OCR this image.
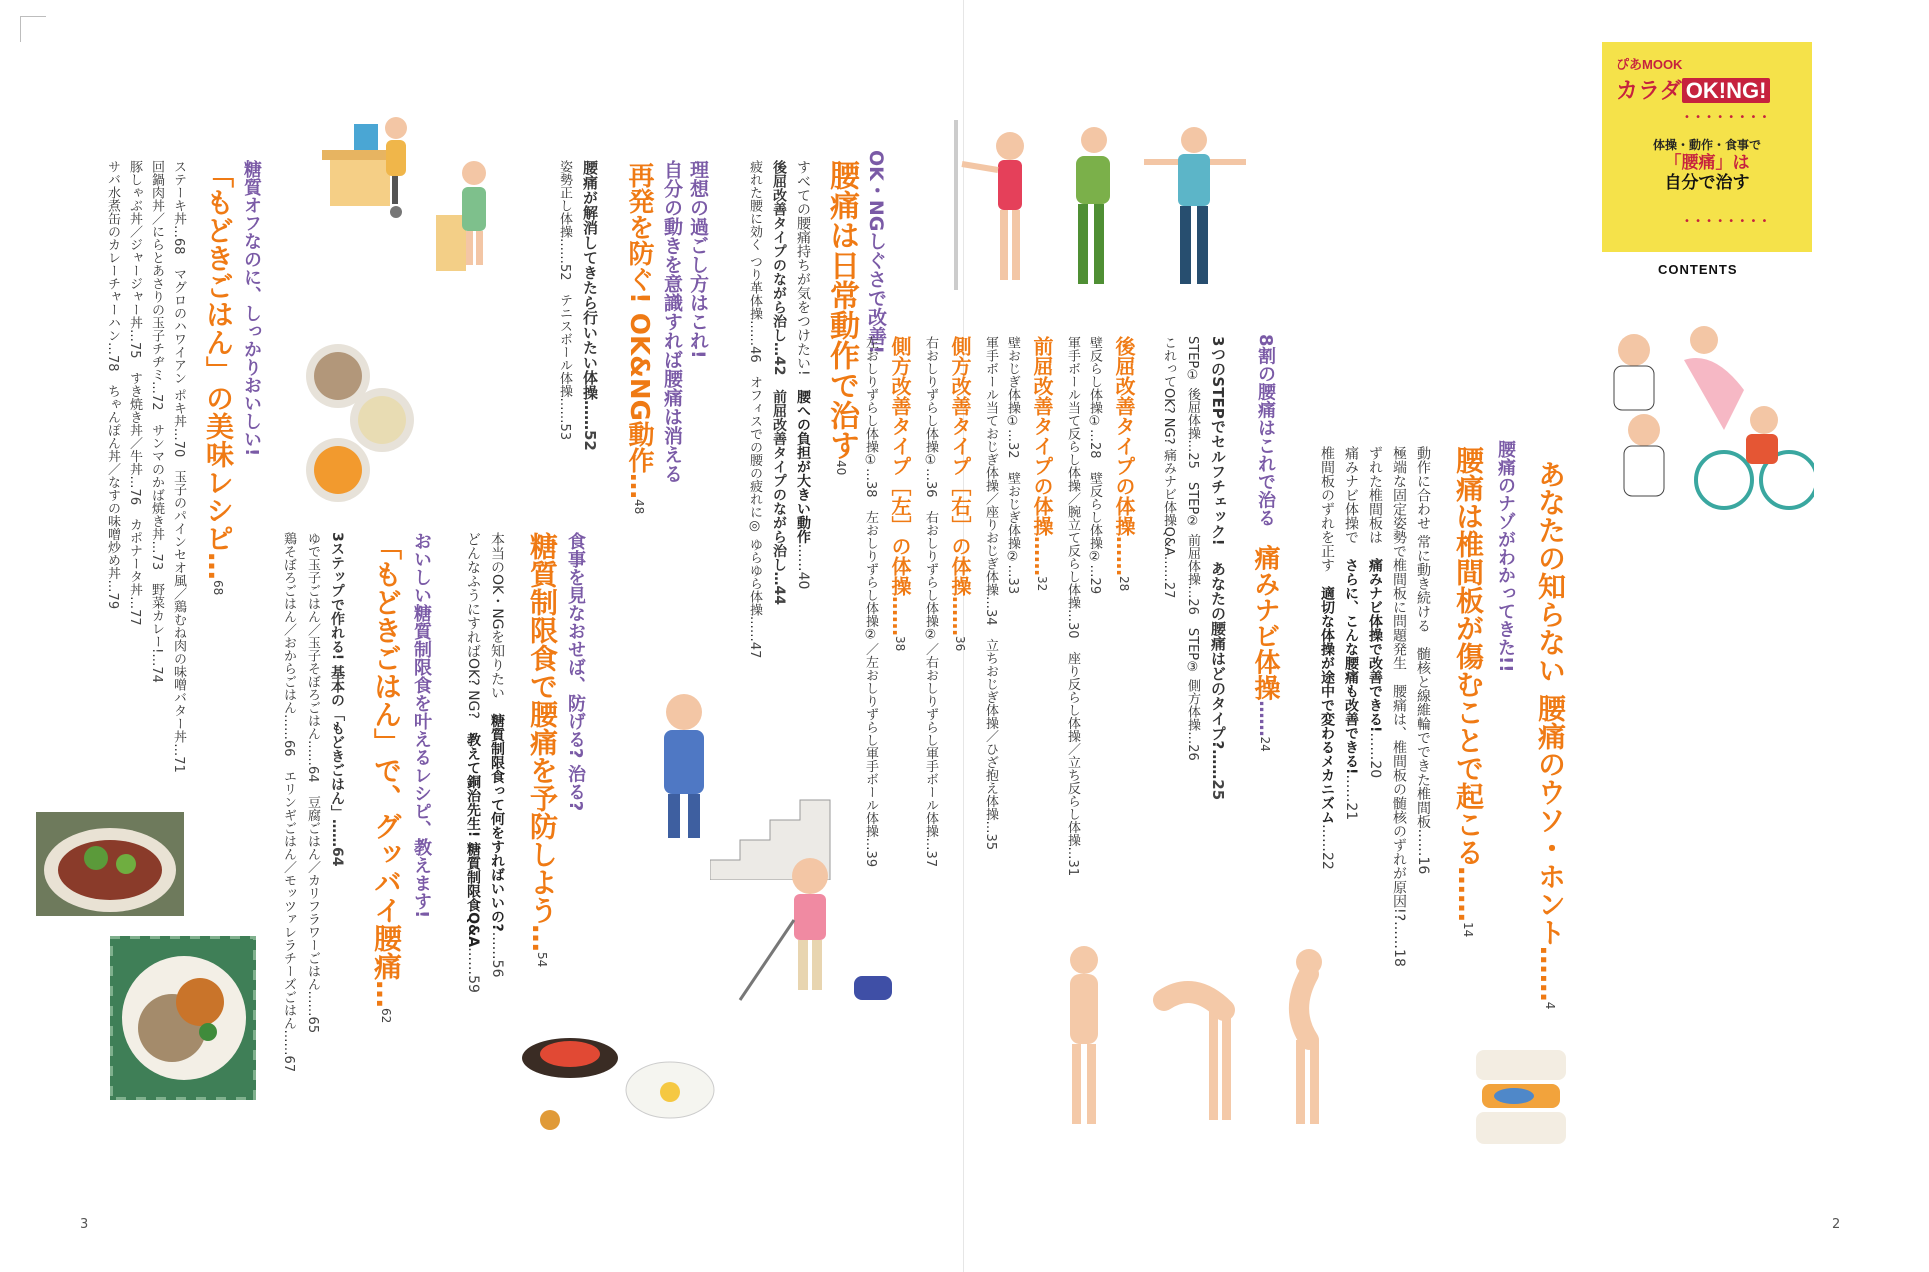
OK・NGしぐさで改善!
腰痛は日常動作で治す40
すべての腰痛持ちが気をつけたい!　腰への負担が大きい動作……40
後屈改善タイプのながら治し…42　前屈改善タイプのながら治し…44
疲れた腰に効く つり革体操……46　オフィスでの腰の疲れに◎ ゆらゆら体操……47
理想の過ごし方はこれ!
自分の動きを意識すれば腰痛は消える
再発を防ぐ! OK&NG動作…48
腰痛が解消してきたら行いたい体操……52
姿勢正し体操……52　テニスボール体操……53
食事を見なおせば、防げる? 治る?
糖質制限食で腰痛を予防しよう…54
本当のOK・NGを知りたい　糖質制限食って何をすればいいの?……56
どんなふうにすればOK? NG?　教えて銅治先生! 糖質制限食Q&A……59
おいしい糖質制限食を叶えるレシピ、教えます!
「もどきごはん」で、グッバイ腰痛…62
3ステップで作れる! 基本の「もどきごはん」……64
ゆで玉子ごはん／玉子そぼろごはん……64　豆腐ごはん／カリフラワーごはん……65
鶏そぼろごはん／おからごはん……66　エリンギごはん／モッツァレラチーズごはん……67
糖質オフなのに、しっかりおいしい!
「もどきごはん」の美味レシピ…68
ステーキ丼…68　マグロのハワイアン ポキ丼…70　玉子のパインセオ風／鶏むね肉の味噌バター丼…71
回鍋肉丼／にらとあさりの玉子チヂミ…72　サンマのかば焼き丼…73　野菜カレー!…74
豚しゃぶ丼／ジャージャー丼…75　すき焼き丼／牛丼…76　カポナータ丼…77
サバ水煮缶のカレーチャーハン…78　ちゃんぽん丼／なすの味噌炒め丼…79
3
ぴあMOOK
カラダ OK!NG!
• • • • • • • •
体操・動作・食事で
「腰痛」は
自分で治す
• • • • • • • •
CONTENTS
あなたの知らない 腰痛のウソ・ホント……4
腰痛のナゾがわかってきた!!
腰痛は椎間板が傷むことで起こる……14
動作に合わせ 常に動き続ける　髄核と線維輪でできた椎間板……16
極端な固定姿勢で椎間板に問題発生　腰痛は、椎間板の髄核のずれが原因!?……18
ずれた椎間板は　痛みナビ体操で改善できる!……20
痛みナビ体操で　さらに、こんな腰痛も改善できる!……21
椎間板のずれを正す　適切な体操が途中で変わるメカニズム……22
8割の腰痛はこれで治る　痛みナビ体操……24
3つのSTEPでセルフチェック!　あなたの腰痛はどのタイプ?……25
STEP① 後屈体操…25　STEP② 前屈体操…26　STEP③ 側方体操…26
これってOK? NG? 痛みナビ体操Q&A……27
後屈改善タイプの体操……28
壁反らし体操①…28　壁反らし体操②…29
軍手ボール当て反らし体操／腕立て反らし体操…30　座り反らし体操／立ち反らし体操…31
前屈改善タイプの体操……32
壁おじぎ体操①…32　壁おじぎ体操②…33
軍手ボール当ておじぎ体操／座りおじぎ体操…34　立ちおじぎ体操／ひざ抱え体操…35
側方改善タイプ［右］の体操……36
右おしりずらし体操①…36　右おしりずらし体操②／右おしりずらし軍手ボール体操…37
側方改善タイプ［左］の体操……38
左おしりずらし体操①…38　左おしりずらし体操②／左おしりずらし軍手ボール体操…39
2
